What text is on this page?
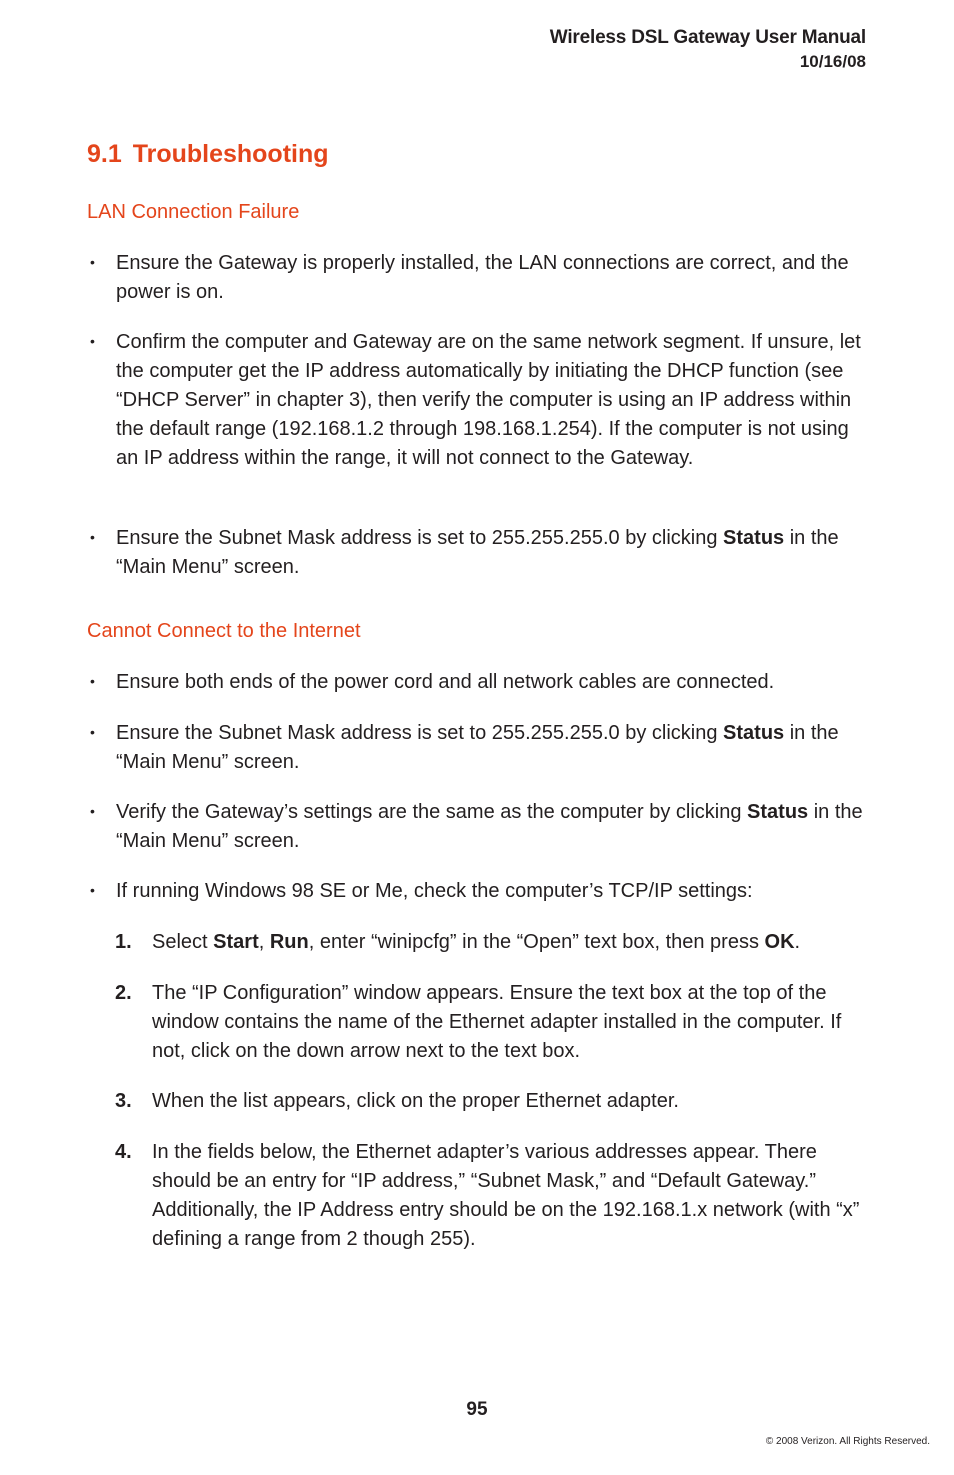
Wireless DSL Gateway User Manual
10/16/08
9.1 Troubleshooting
LAN Connection Failure
• Ensure the Gateway is properly installed, the LAN connections are correct, and the power is on.
• Confirm the computer and Gateway are on the same network segment. If unsure, let the computer get the IP address automatically by initiating the DHCP function (see “DHCP Server” in chapter 3), then verify the computer is using an IP address within the default range (192.168.1.2 through 198.168.1.254). If the computer is not using an IP address within the range, it will not connect to the Gateway.
• Ensure the Subnet Mask address is set to 255.255.255.0 by clicking Status in the “Main Menu” screen.
Cannot Connect to the Internet
• Ensure both ends of the power cord and all network cables are connected.
• Ensure the Subnet Mask address is set to 255.255.255.0 by clicking Status in the “Main Menu” screen.
• Verify the Gateway’s settings are the same as the computer by clicking Status in the “Main Menu” screen.
• If running Windows 98 SE or Me, check the computer’s TCP/IP settings:
1. Select Start, Run, enter “winipcfg” in the “Open” text box, then press OK.
2. The “IP Configuration” window appears. Ensure the text box at the top of the window contains the name of the Ethernet adapter installed in the computer. If not, click on the down arrow next to the text box.
3. When the list appears, click on the proper Ethernet adapter.
4. In the fields below, the Ethernet adapter’s various addresses appear. There should be an entry for “IP address,” “Subnet Mask,” and “Default Gateway.” Additionally, the IP Address entry should be on the 192.168.1.x network (with “x” defining a range from 2 though 255).
95
© 2008 Verizon. All Rights Reserved.
